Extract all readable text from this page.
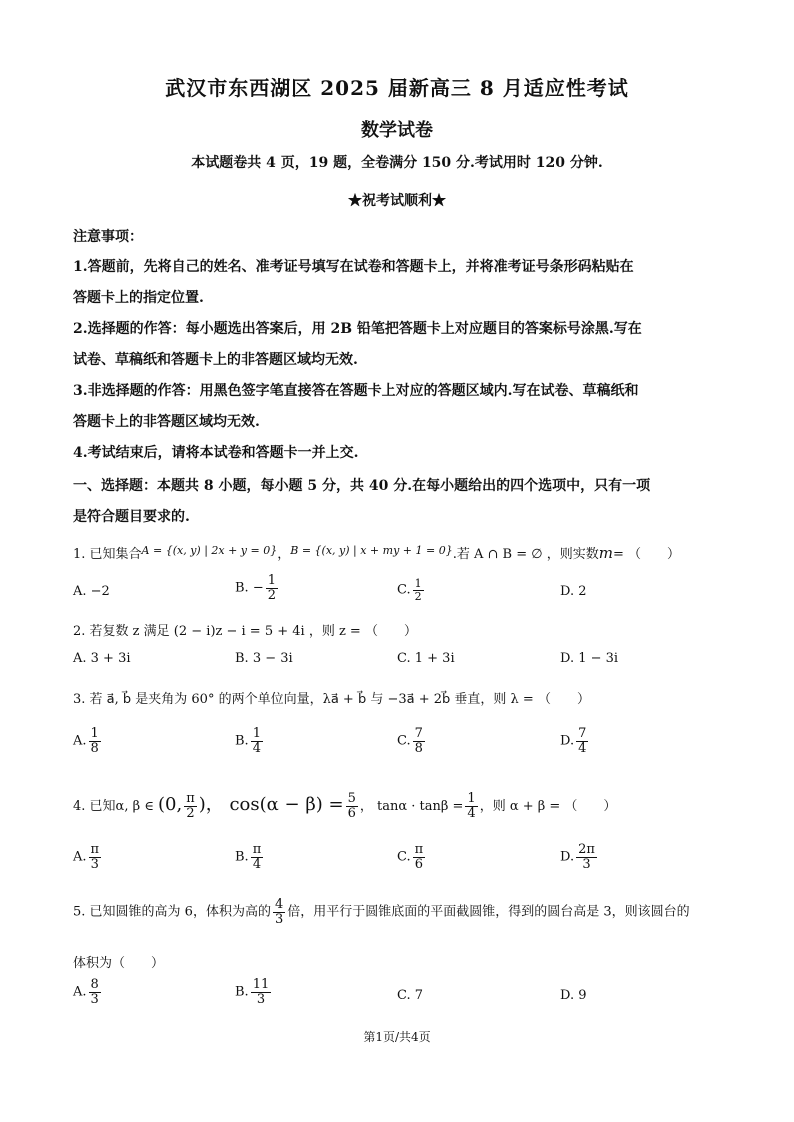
武汉市东西湖区 2025 届新高三 8 月适应性考试
数学试卷
本试题卷共 4 页，19 题，全卷满分 150 分.考试用时 120 分钟.
★祝考试顺利★
注意事项：
1.答题前，先将自己的姓名、准考证号填写在试卷和答题卡上，并将准考证号条形码粘贴在
答题卡上的指定位置.
2.选择题的作答：每小题选出答案后，用 2B 铅笔把答题卡上对应题目的答案标号涂黑.写在
试卷、草稿纸和答题卡上的非答题区域均无效.
3.非选择题的作答：用黑色签字笔直接答在答题卡上对应的答题区域内.写在试卷、草稿纸和
答题卡上的非答题区域均无效.
4.考试结束后，请将本试卷和答题卡一并上交.
一、选择题：本题共 8 小题，每小题 5 分，共 40 分.在每小题给出的四个选项中，只有一项
是符合题目要求的.
1. 已知集合$^{A = \{(x, y) | 2x + y = 0\}}$，$^{B = \{(x, y) | x + my + 1 = 0\}}$.若 A ∩ B = ∅ ，则实数m= （　　）
A. −2	B. − $\frac{1}{2}$	C. $\frac{1}{2}$	D. 2
2. 若复数 z 满足 (2 − i)z − i = 5 + 4i ，则 z = （　　）
A. 3 + 3i	B. 3 − 3i	C. 1 + 3i	D. 1 − 3i
3. 若 a⃗, b⃗ 是夹角为 60° 的两个单位向量，λa⃗ + b⃗ 与 −3a⃗ + 2b⃗ 垂直，则 λ = （　　）
A. $\frac{1}{8}$	B. $\frac{1}{4}$	C. $\frac{7}{8}$	D. $\frac{7}{4}$
4. 已知α, β ∈ (0, $\frac{\pi}{2}$ )， $\cos(\alpha - \beta) = \frac{5}{6}$ ， $\tan\alpha \cdot \tan\beta = \frac{1}{4}$ ，则 α + β = （　　）
A. $\frac{\pi}{3}$	B. $\frac{\pi}{4}$	C. $\frac{\pi}{6}$	D. $\frac{2\pi}{3}$
5. 已知圆锥的高为 6，体积为高的 $\frac{4}{3}$ 倍，用平行于圆锥底面的平面截圆锥，得到的圆台高是 3，则该圆台的
体积为（　　）
A. $\frac{8}{3}$	B. $\frac{11}{3}$	C. 7	D. 9
第1页/共4页
